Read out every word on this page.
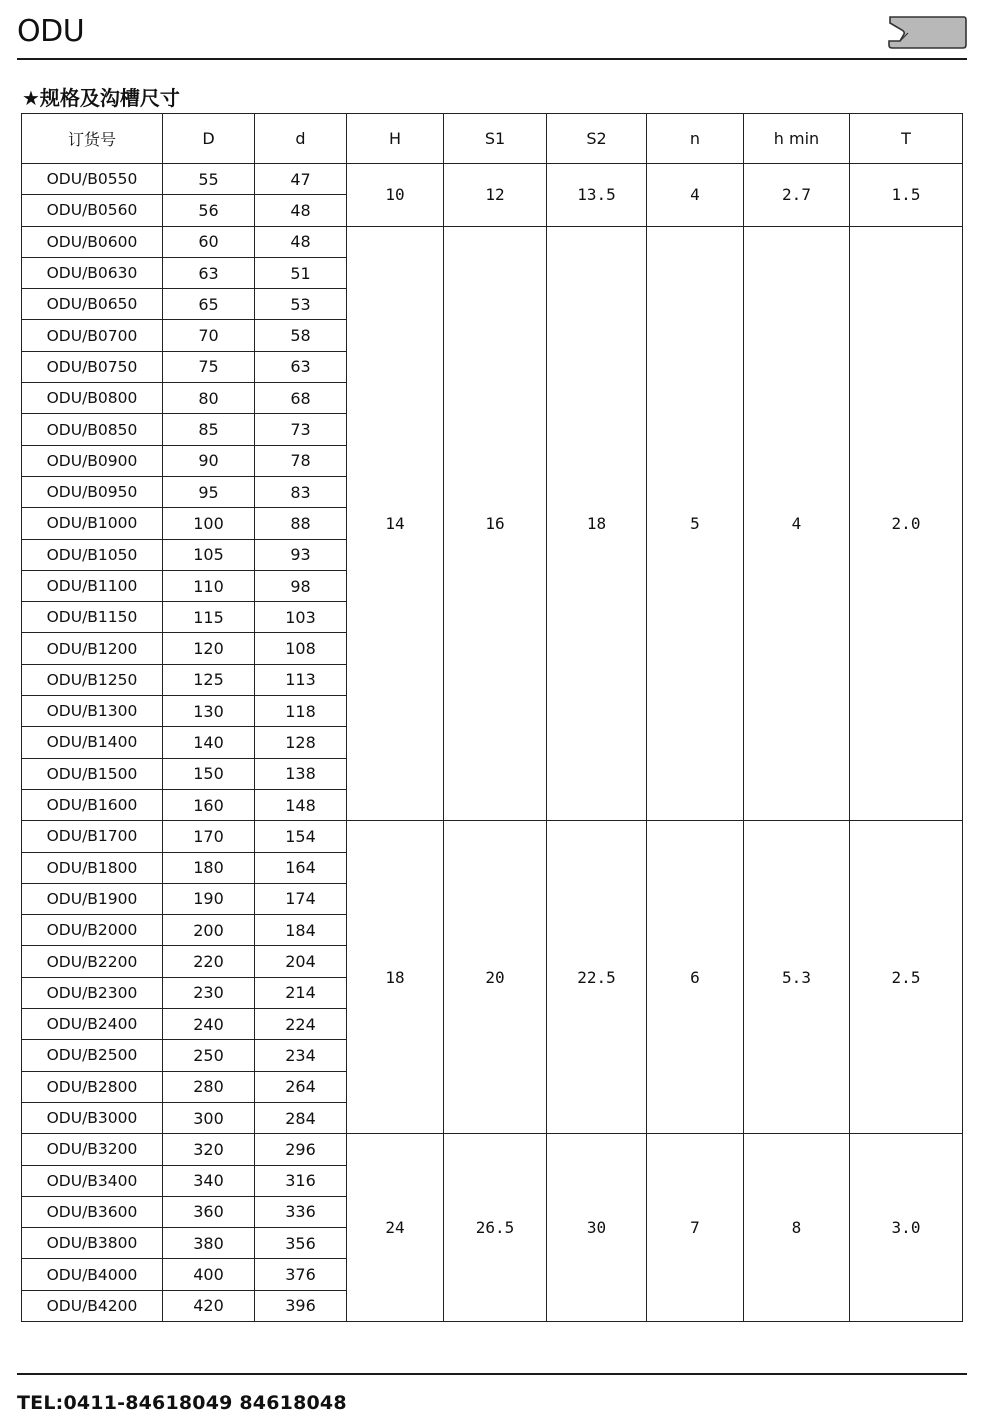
ODU
★规格及沟槽尺寸
订货号	D	d	H	S1	S2	n	h min	T
ODU/B0550	55	47	10	12	13.5	4	2.7	1.5
ODU/B0560	56	48						
ODU/B0600	60	48	14	16	18	5	4	2.0
ODU/B0630	63	51						
ODU/B0650	65	53						
ODU/B0700	70	58						
ODU/B0750	75	63						
ODU/B0800	80	68						
ODU/B0850	85	73						
ODU/B0900	90	78						
ODU/B0950	95	83						
ODU/B1000	100	88						
ODU/B1050	105	93						
ODU/B1100	110	98						
ODU/B1150	115	103						
ODU/B1200	120	108						
ODU/B1250	125	113						
ODU/B1300	130	118						
ODU/B1400	140	128						
ODU/B1500	150	138						
ODU/B1600	160	148						
ODU/B1700	170	154	18	20	22.5	6	5.3	2.5
ODU/B1800	180	164						
ODU/B1900	190	174						
ODU/B2000	200	184						
ODU/B2200	220	204						
ODU/B2300	230	214						
ODU/B2400	240	224						
ODU/B2500	250	234						
ODU/B2800	280	264						
ODU/B3000	300	284						
ODU/B3200	320	296	24	26.5	30	7	8	3.0
ODU/B3400	340	316						
ODU/B3600	360	336						
ODU/B3800	380	356						
ODU/B4000	400	376						
ODU/B4200	420	396						
TEL:0411-84618049 84618048
